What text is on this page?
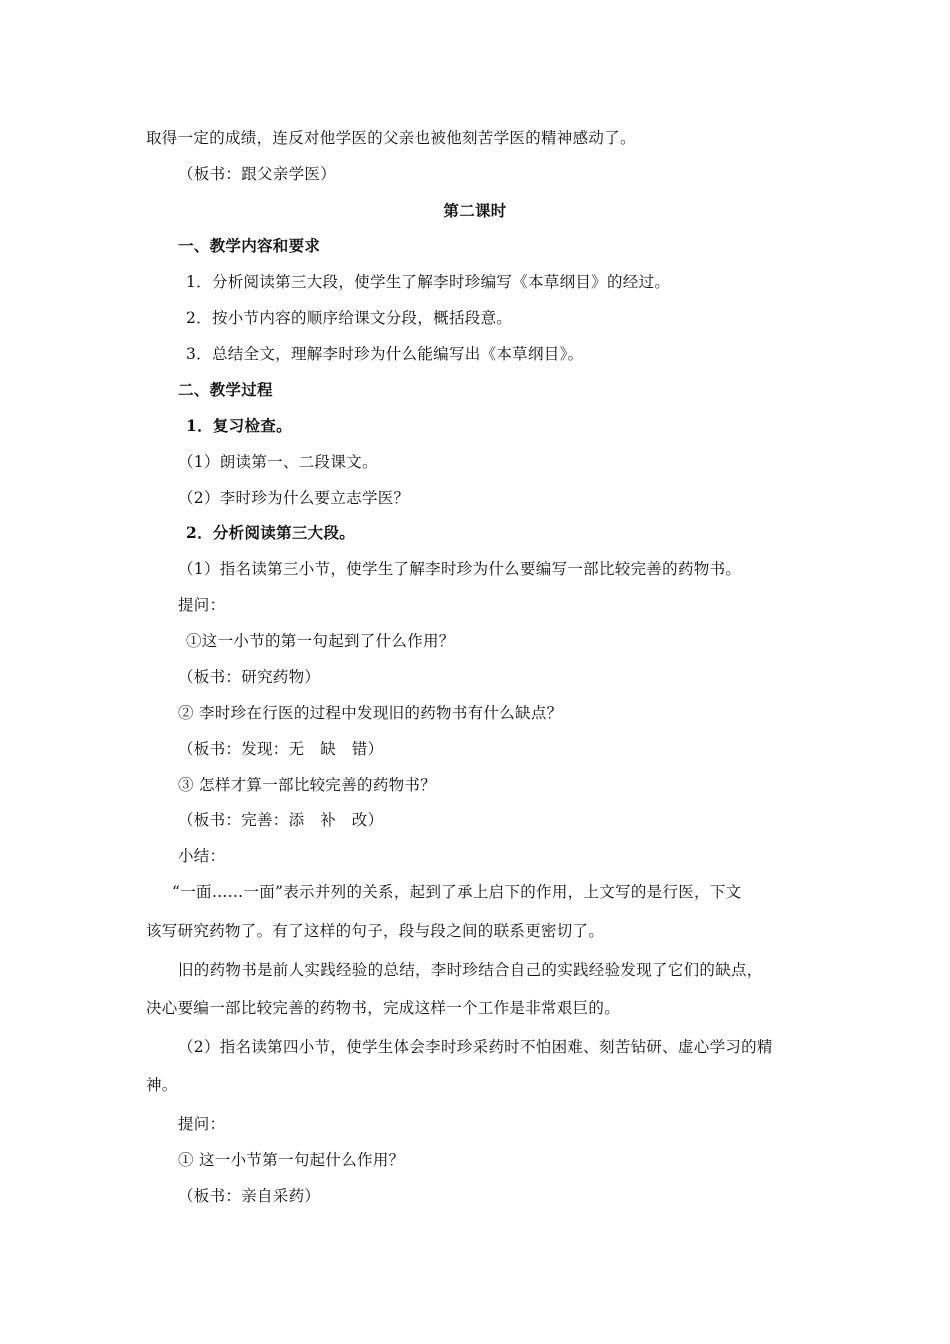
取得一定的成绩，连反对他学医的父亲也被他刻苦学医的精神感动了。
（板书：跟父亲学医）
第二课时
一、教学内容和要求
1．分析阅读第三大段，使学生了解李时珍编写《本草纲目》的经过。
2．按小节内容的顺序给课文分段，概括段意。
3．总结全文，理解李时珍为什么能编写出《本草纲目》。
二、教学过程
1．复习检查。
（1）朗读第一、二段课文。
（2）李时珍为什么要立志学医？
2．分析阅读第三大段。
（1）指名读第三小节，使学生了解李时珍为什么要编写一部比较完善的药物书。
提问：
①这一小节的第一句起到了什么作用？
（板书：研究药物）
② 李时珍在行医的过程中发现旧的药物书有什么缺点？
（板书：发现：无　缺　错）
③ 怎样才算一部比较完善的药物书？
（板书：完善：添　补　改）
小结：
“一面……一面”表示并列的关系，起到了承上启下的作用，上文写的是行医，下文
该写研究药物了。有了这样的句子，段与段之间的联系更密切了。
旧的药物书是前人实践经验的总结，李时珍结合自己的实践经验发现了它们的缺点，
决心要编一部比较完善的药物书，完成这样一个工作是非常艰巨的。
（2）指名读第四小节，使学生体会李时珍采药时不怕困难、刻苦钻研、虚心学习的精
神。
提问：
① 这一小节第一句起什么作用？
（板书：亲自采药）
